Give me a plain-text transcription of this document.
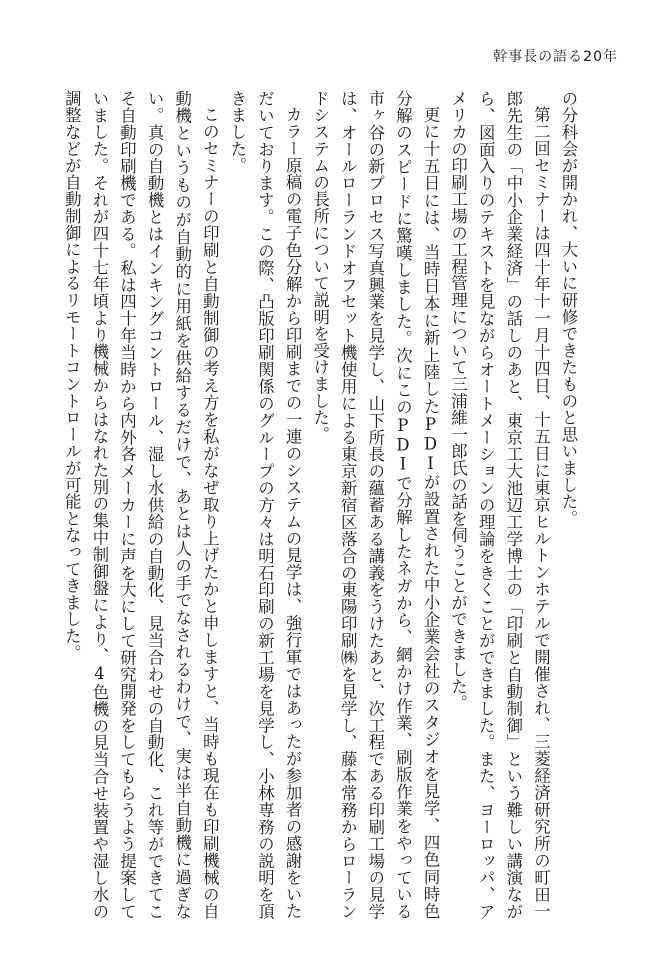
幹事長の語る20年

の分科会が開かれ、大いに研修できたものと思いました。

第二回セミナーは四十年十一月十四日、十五日に東京ヒルトンホテルで開催され、三菱経済研究所の町田一郎先生の「中小企業経済」の話しのあと、東京工大池辺工学博士の「印刷と自動制御」という難しい講演ながら、図面入りのテキストを見ながらオートメーションの理論をきくことができました。また、ヨーロッパ、アメリカの印刷工場の工程管理について三浦維一郎氏の話を伺うことができました。

更に十五日には、当時日本に新上陸したPDIが設置された中小企業会社のスタジオを見学、四色同時色分解のスピードに驚嘆しました。次にこのPDIで分解したネガから、網かけ作業、刷版作業をやっている市ヶ谷の新プロセス写真興業を見学し、山下所長の蘊蓄ある講義をうけたあと、次工程である印刷工場の見学は、オールローランドオフセット機使用による東京新宿区落合の東陽印刷㈱を見学し、藤本常務からローランドシステムの長所について説明を受けました。

カラー原稿の電子色分解から印刷までの一連のシステムの見学は、強行軍ではあったが参加者の感謝をいただいております。この際、凸版印刷関係のグループの方々は明石印刷の新工場を見学し、小林専務の説明を頂きました。

このセミナーの印刷と自動制御の考え方を私がなぜ取り上げたかと申しますと、当時も現在も印刷機械の自動機というものが自動的に用紙を供給するだけで、あとは人の手でなされるわけで、実は半自動機に過ぎない。真の自動機とはインキングコントロール、湿し水供給の自動化、見当合わせの自動化、これ等ができてこそ自動印刷機である。私は四十年当時から内外各メーカーに声を大にして研究開発をしてもらうよう提案していました。それが四十七年頃より機械からはなれた別の集中制御盤により、4色機の見当合せ装置や湿し水の調整などが自動制御によるリモートコントロールが可能となってきました。
